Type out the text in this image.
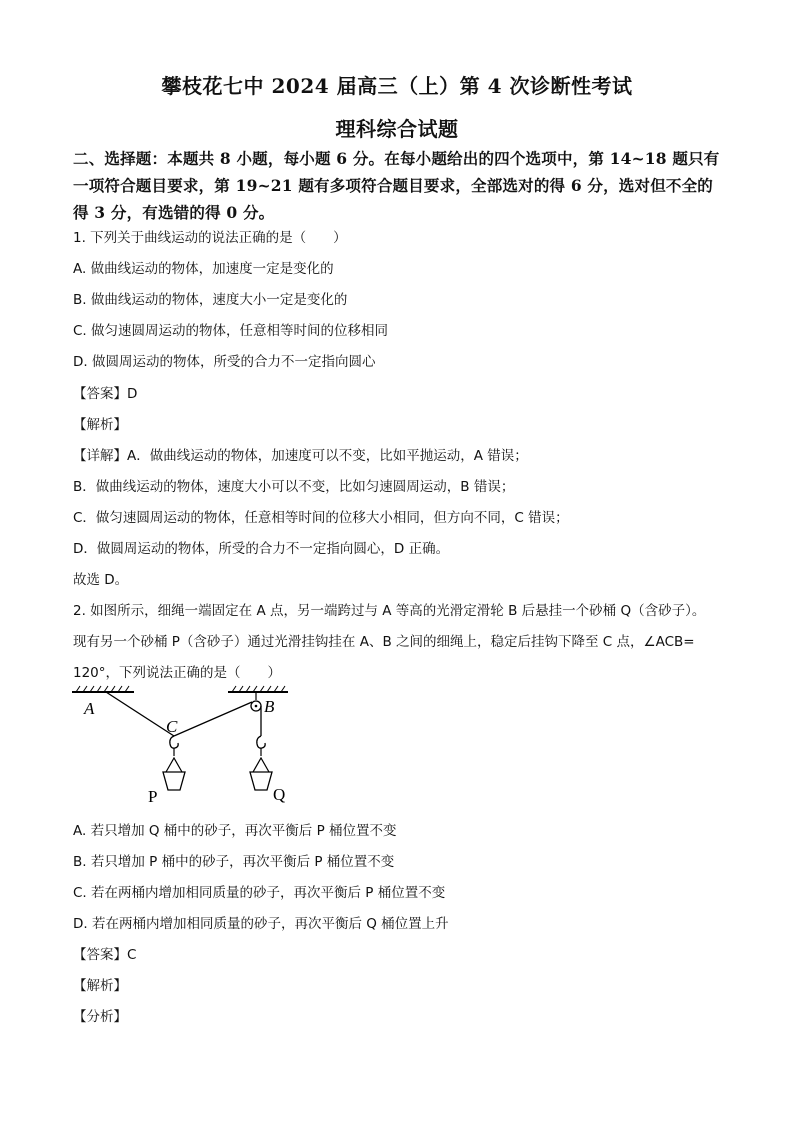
攀枝花七中 2024 届高三（上）第 4 次诊断性考试
理科综合试题
二、选择题：本题共 8 小题，每小题 6 分。在每小题给出的四个选项中，第 14~18 题只有一项符合题目要求，第 19~21 题有多项符合题目要求，全部选对的得 6 分，选对但不全的得 3 分，有选错的得 0 分。
1. 下列关于曲线运动的说法正确的是（　　）
A. 做曲线运动的物体，加速度一定是变化的
B. 做曲线运动的物体，速度大小一定是变化的
C. 做匀速圆周运动的物体，任意相等时间的位移相同
D. 做圆周运动的物体，所受的合力不一定指向圆心
【答案】D
【解析】
【详解】A．做曲线运动的物体，加速度可以不变，比如平抛运动，A 错误；
B．做曲线运动的物体，速度大小可以不变，比如匀速圆周运动，B 错误；
C．做匀速圆周运动的物体，任意相等时间的位移大小相同，但方向不同，C 错误；
D．做圆周运动的物体，所受的合力不一定指向圆心，D 正确。
故选 D。
2. 如图所示，细绳一端固定在 A 点，另一端跨过与 A 等高的光滑定滑轮 B 后悬挂一个砂桶 Q（含砂子）。
现有另一个砂桶 P（含砂子）通过光滑挂钩挂在 A、B 之间的细绳上，稳定后挂钩下降至 C 点，∠ACB=
120°，下列说法正确的是（　　）
A
C
B
P	Q
A. 若只增加 Q 桶中的砂子，再次平衡后 P 桶位置不变
B. 若只增加 P 桶中的砂子，再次平衡后 P 桶位置不变
C. 若在两桶内增加相同质量的砂子，再次平衡后 P 桶位置不变
D. 若在两桶内增加相同质量的砂子，再次平衡后 Q 桶位置上升
【答案】C
【解析】
【分析】
